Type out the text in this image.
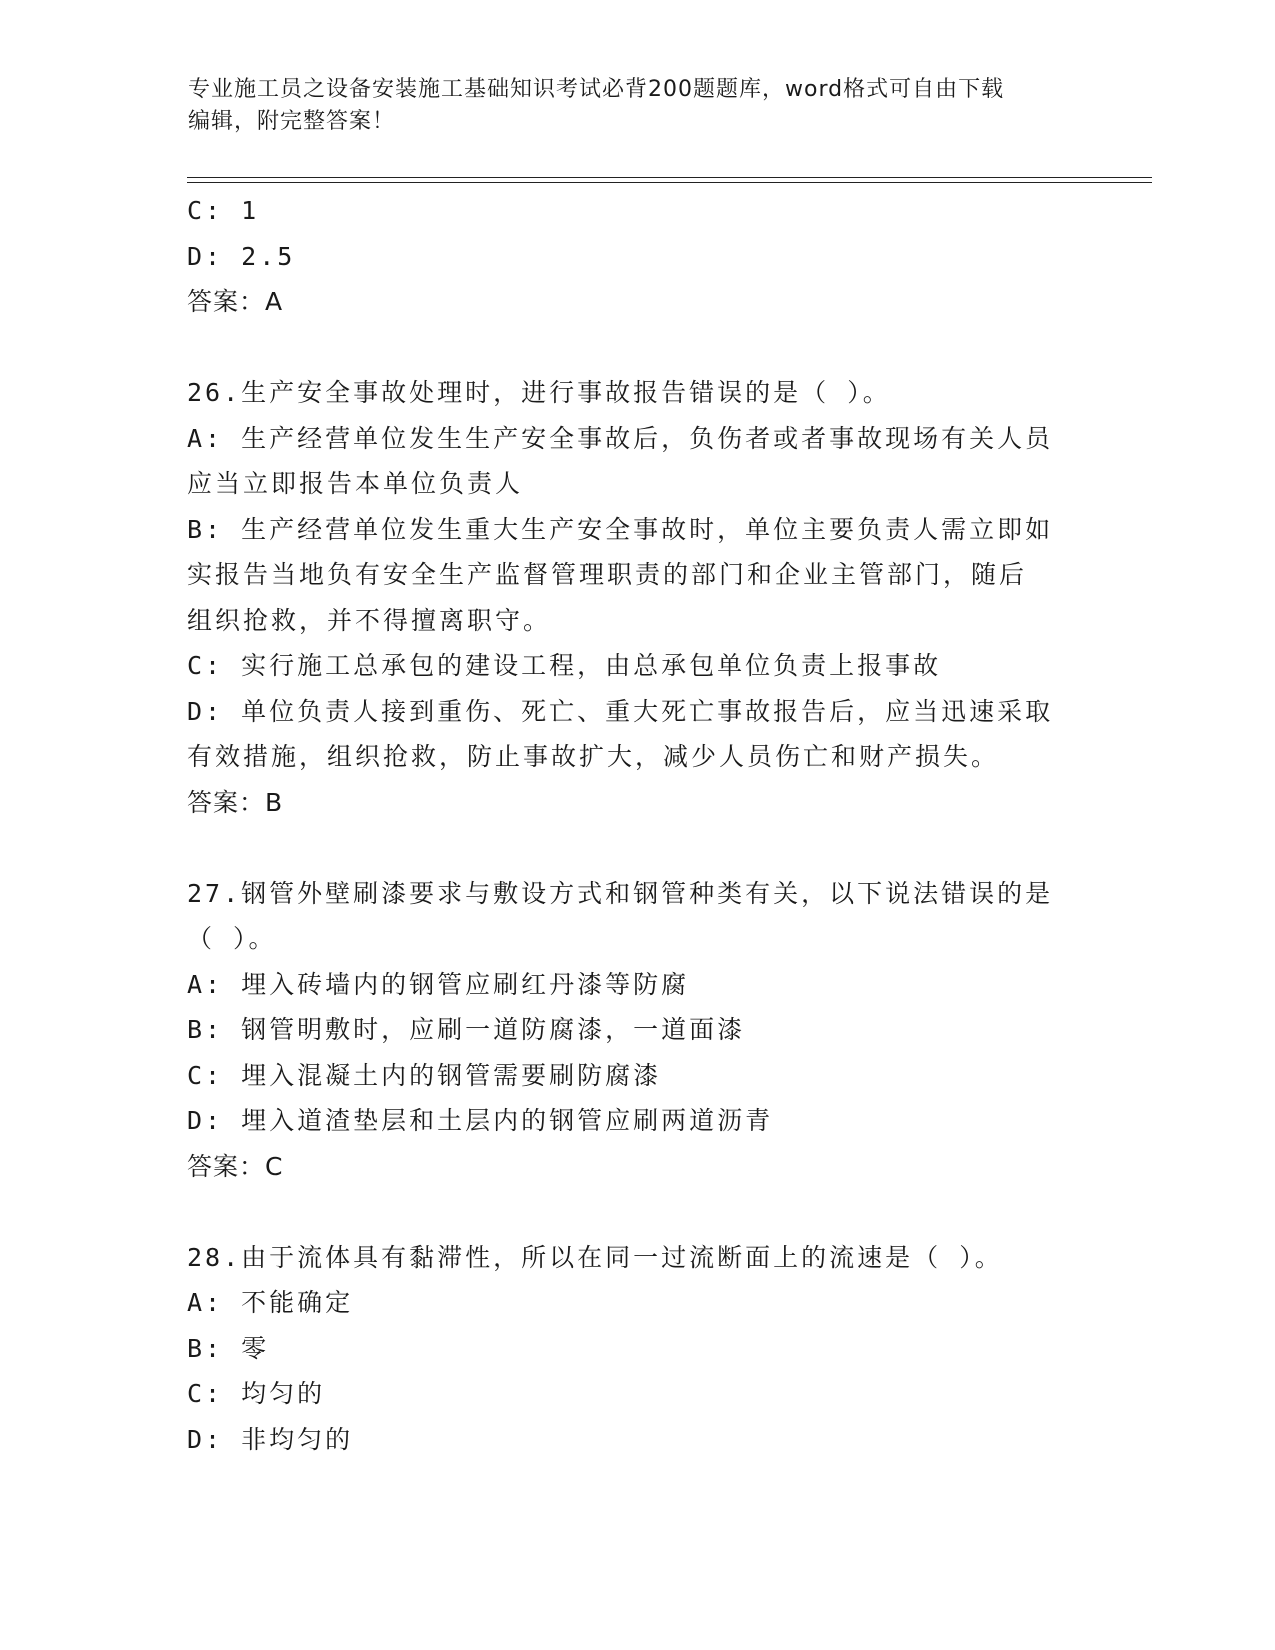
专业施工员之设备安装施工基础知识考试必背200题题库，word格式可自由下载
编辑，附完整答案！
C: 1
D: 2.5
答案：A
26.生产安全事故处理时，进行事故报告错误的是（ ）。
A: 生产经营单位发生生产安全事故后，负伤者或者事故现场有关人员
应当立即报告本单位负责人
B: 生产经营单位发生重大生产安全事故时，单位主要负责人需立即如
实报告当地负有安全生产监督管理职责的部门和企业主管部门，随后
组织抢救，并不得擅离职守。
C: 实行施工总承包的建设工程，由总承包单位负责上报事故
D: 单位负责人接到重伤、死亡、重大死亡事故报告后，应当迅速采取
有效措施，组织抢救，防止事故扩大，减少人员伤亡和财产损失。
答案：B
27.钢管外壁刷漆要求与敷设方式和钢管种类有关，以下说法错误的是
（ ）。
A: 埋入砖墙内的钢管应刷红丹漆等防腐
B: 钢管明敷时，应刷一道防腐漆，一道面漆
C: 埋入混凝土内的钢管需要刷防腐漆
D: 埋入道渣垫层和土层内的钢管应刷两道沥青
答案：C
28.由于流体具有黏滞性，所以在同一过流断面上的流速是（ ）。
A: 不能确定
B: 零
C: 均匀的
D: 非均匀的
